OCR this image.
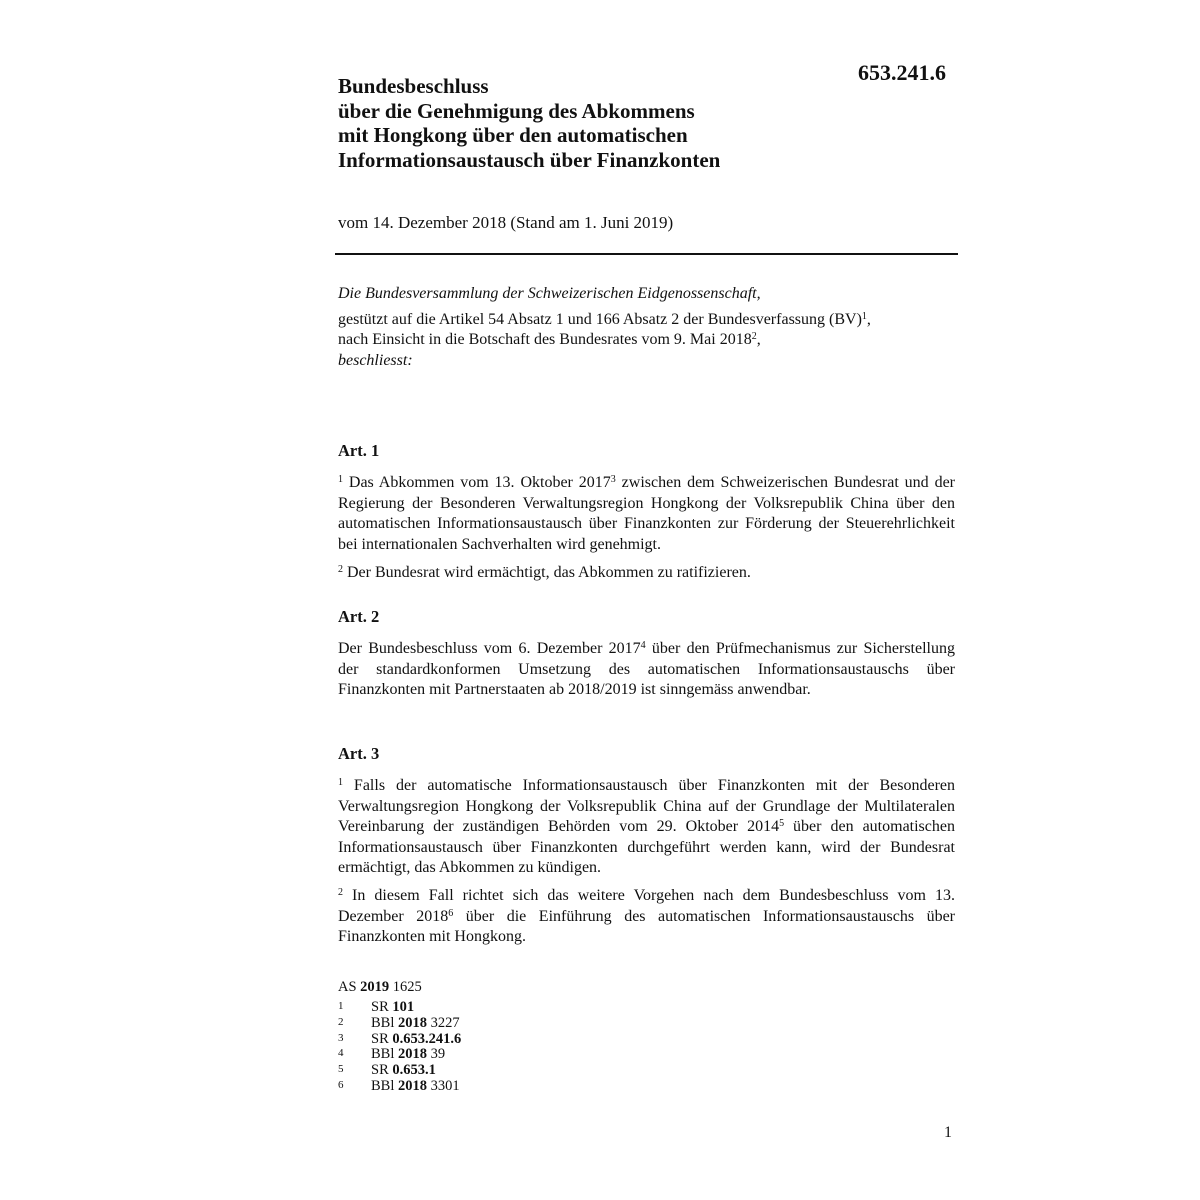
653.241.6
Bundesbeschluss
über die Genehmigung des Abkommens
mit Hongkong über den automatischen
Informationsaustausch über Finanzkonten
vom 14. Dezember 2018 (Stand am 1. Juni 2019)
Die Bundesversammlung der Schweizerischen Eidgenossenschaft,
gestützt auf die Artikel 54 Absatz 1 und 166 Absatz 2 der Bundesverfassung (BV)$^1$,
nach Einsicht in die Botschaft des Bundesrates vom 9. Mai 2018$^2$,
beschliesst:
Art. 1
$^1$ Das Abkommen vom 13. Oktober 2017$^3$ zwischen dem Schweizerischen Bundesrat und der Regierung der Besonderen Verwaltungsregion Hongkong der Volksrepublik China über den automatischen Informationsaustausch über Finanzkonten zur Förderung der Steuerehrlichkeit bei internationalen Sachverhalten wird genehmigt.
$^2$ Der Bundesrat wird ermächtigt, das Abkommen zu ratifizieren.
Art. 2
Der Bundesbeschluss vom 6. Dezember 2017$^4$ über den Prüfmechanismus zur Sicherstellung der standardkonformen Umsetzung des automatischen Informationsaustauschs über Finanzkonten mit Partnerstaaten ab 2018/2019 ist sinngemäss anwendbar.
Art. 3
$^1$ Falls der automatische Informationsaustausch über Finanzkonten mit der Besonderen Verwaltungsregion Hongkong der Volksrepublik China auf der Grundlage der Multilateralen Vereinbarung der zuständigen Behörden vom 29. Oktober 2014$^5$ über den automatischen Informationsaustausch über Finanzkonten durchgeführt werden kann, wird der Bundesrat ermächtigt, das Abkommen zu kündigen.
$^2$ In diesem Fall richtet sich das weitere Vorgehen nach dem Bundesbeschluss vom 13. Dezember 2018$^6$ über die Einführung des automatischen Informationsaustauschs über Finanzkonten mit Hongkong.
AS 2019 1625
1	SR 101
2	BBl 2018 3227
3	SR 0.653.241.6
4	BBl 2018 39
5	SR 0.653.1
6	BBl 2018 3301
1
